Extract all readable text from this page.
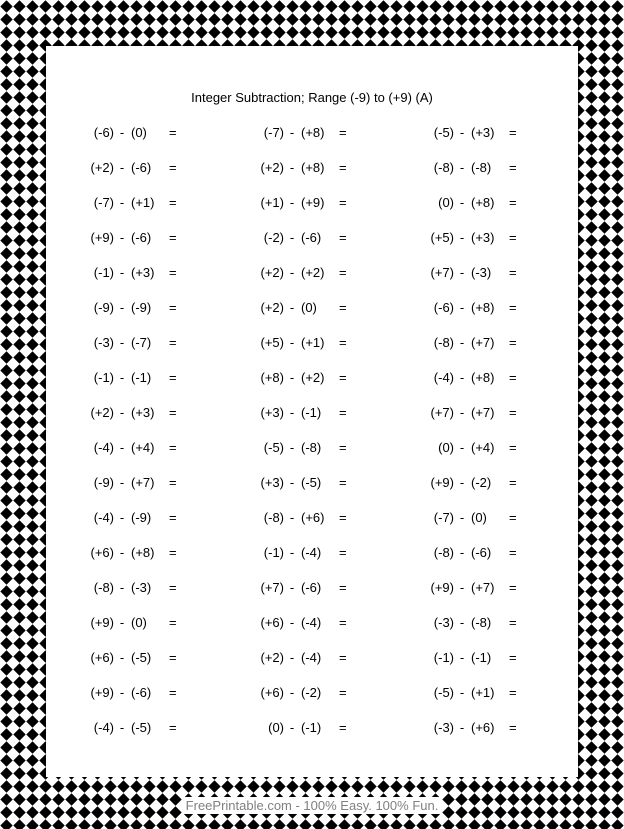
Integer Subtraction; Range (-9) to (+9) (A)
(-6) - (0)	=	(-7) - (+8)	=	(-5) - (+3)	=
(+2) - (-6)	=	(+2) - (+8)	=	(-8) - (-8)	=
(-7) - (+1)	=	(+1) - (+9)	=	(0) - (+8)	=
(+9) - (-6)	=	(-2) - (-6)	=	(+5) - (+3)	=
(-1) - (+3)	=	(+2) - (+2)	=	(+7) - (-3)	=
(-9) - (-9)	=	(+2) - (0)	=	(-6) - (+8)	=
(-3) - (-7)	=	(+5) - (+1)	=	(-8) - (+7)	=
(-1) - (-1)	=	(+8) - (+2)	=	(-4) - (+8)	=
(+2) - (+3)	=	(+3) - (-1)	=	(+7) - (+7)	=
(-4) - (+4)	=	(-5) - (-8)	=	(0) - (+4)	=
(-9) - (+7)	=	(+3) - (-5)	=	(+9) - (-2)	=
(-4) - (-9)	=	(-8) - (+6)	=	(-7) - (0)	=
(+6) - (+8)	=	(-1) - (-4)	=	(-8) - (-6)	=
(-8) - (-3)	=	(+7) - (-6)	=	(+9) - (+7)	=
(+9) - (0)	=	(+6) - (-4)	=	(-3) - (-8)	=
(+6) - (-5)	=	(+2) - (-4)	=	(-1) - (-1)	=
(+9) - (-6)	=	(+6) - (-2)	=	(-5) - (+1)	=
(-4) - (-5)	=	(0) - (-1)	=	(-3) - (+6)	=
FreePrintable.com - 100% Easy. 100% Fun.
